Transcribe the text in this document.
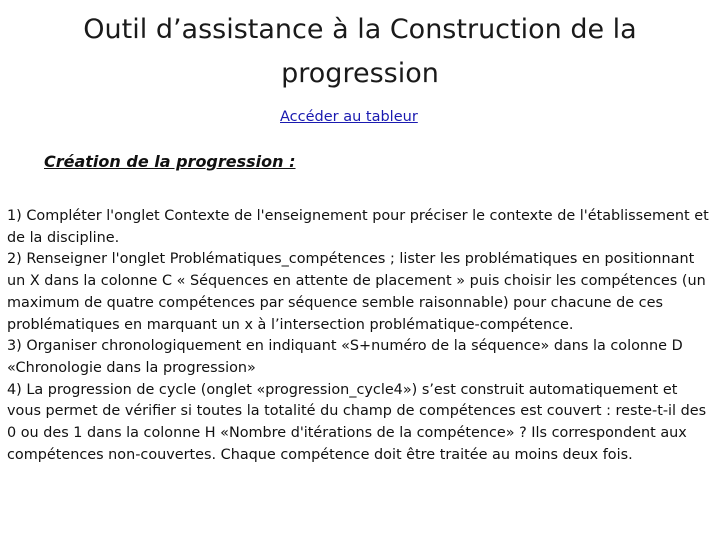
Outil d’assistance à la Construction de la progression
Accéder au tableur
Création de la progression :

1) Compléter l'onglet Contexte de l'enseignement pour préciser le contexte de l'établissement et de la discipline.

2) Renseigner l'onglet Problématiques_compétences ; lister les problématiques en positionnant un X dans la colonne C « Séquences en attente de placement » puis choisir les compétences (un maximum de quatre compétences par séquence semble raisonnable) pour chacune de ces problématiques en marquant un x à l’intersection problématique-compétence.

3) Organiser chronologiquement en indiquant «S+numéro de la séquence» dans la colonne D «Chronologie dans la progression»

4) La progression de cycle (onglet «progression_cycle4») s’est construit automatiquement et vous permet de vérifier si toutes la totalité du champ de compétences est couvert : reste-t-il des 0 ou des 1 dans la colonne H «Nombre d'itérations de la compétence» ? Ils correspondent aux compétences non-couvertes. Chaque compétence doit être traitée au moins deux fois.
